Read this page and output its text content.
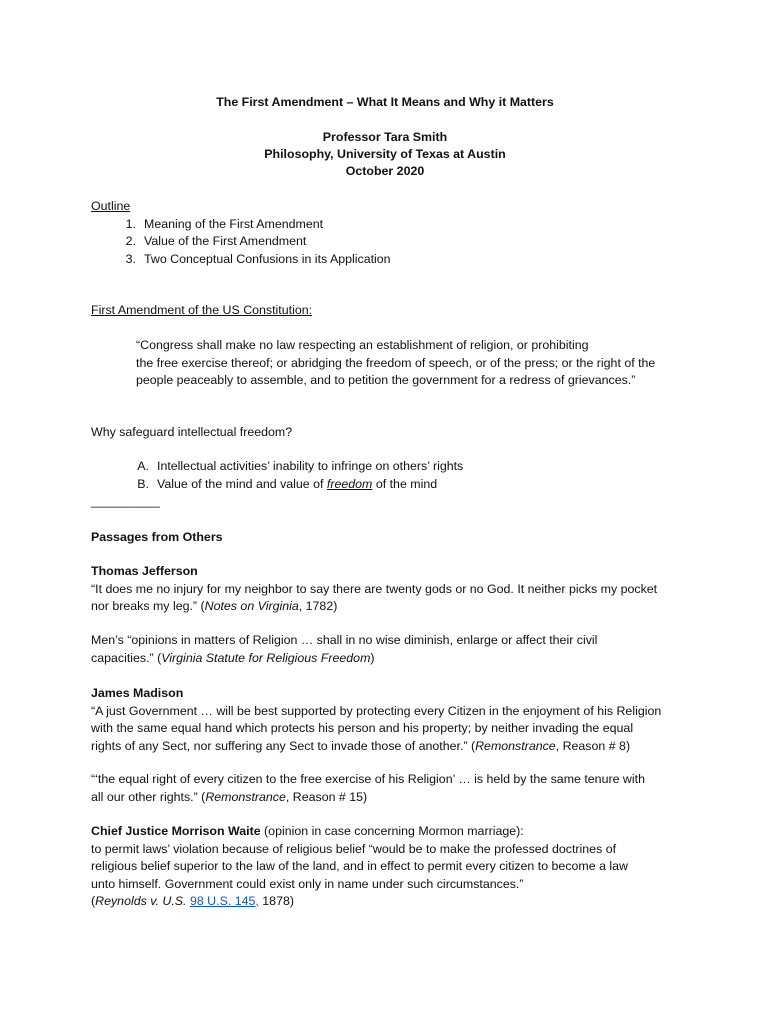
The First Amendment – What It Means and Why it Matters
Professor Tara Smith
Philosophy, University of Texas at Austin
October 2020

Outline

1. Meaning of the First Amendment
2. Value of the First Amendment
3. Two Conceptual Confusions in its Application
First Amendment of the US Constitution:

“Congress shall make no law respecting an establishment of religion, or prohibiting

the free exercise thereof; or abridging the freedom of speech, or of the press; or the right of the

people peaceably to assemble, and to petition the government for a redress of grievances.”

Why safeguard intellectual freedom?
A. Intellectual activities’ inability to infringe on others’ rights
B. Value of the mind and value of freedom of the mind

__________

Passages from Others

Thomas Jefferson

“It does me no injury for my neighbor to say there are twenty gods or no God. It neither picks my pocket

nor breaks my leg.” (Notes on Virginia, 1782)

Men’s “opinions in matters of Religion … shall in no wise diminish, enlarge or affect their civil

capacities.” (Virginia Statute for Religious Freedom)

James Madison

“A just Government … will be best supported by protecting every Citizen in the enjoyment of his Religion

with the same equal hand which protects his person and his property; by neither invading the equal

rights of any Sect, nor suffering any Sect to invade those of another.” (Remonstrance, Reason # 8)

“‘the equal right of every citizen to the free exercise of his Religion’ … is held by the same tenure with

all our other rights.” (Remonstrance, Reason # 15)

Chief Justice Morrison Waite (opinion in case concerning Mormon marriage):

to permit laws’ violation because of religious belief “would be to make the professed doctrines of

religious belief superior to the law of the land, and in effect to permit every citizen to become a law

unto himself. Government could exist only in name under such circumstances.”

(Reynolds v. U.S. 98 U.S. 145, 1878)
